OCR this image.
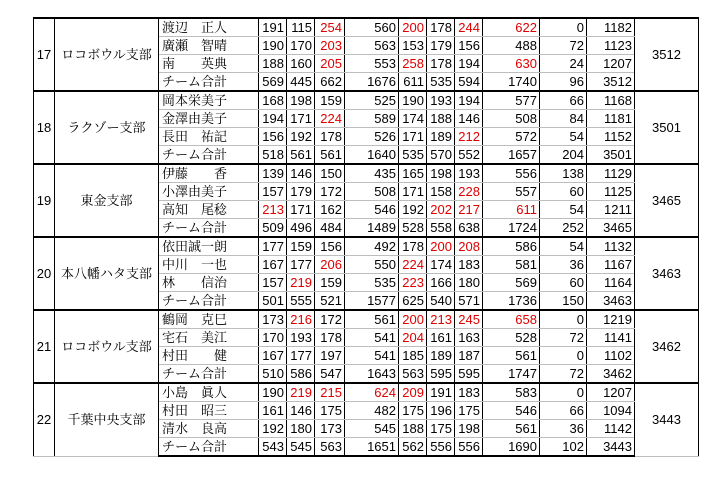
17	ロコボウル支部	渡辺　正人	191	115	254	560	200	178	244	622	0	1182	3512
		廣瀬　智晴	190	170	203	563	153	179	156	488	72	1123	
		南　　英典	188	160	205	553	258	178	194	630	24	1207	
		チーム合計	569	445	662	1676	611	535	594	1740	96	3512	
18	ラクゾー支部	岡本栄美子	168	198	159	525	190	193	194	577	66	1168	3501
		金澤由美子	194	171	224	589	174	188	146	508	84	1181	
		長田　祐記	156	192	178	526	171	189	212	572	54	1152	
		チーム合計	518	561	561	1640	535	570	552	1657	204	3501	
19	東金支部	伊藤　　香	139	146	150	435	165	198	193	556	138	1129	3465
		小澤由美子	157	179	172	508	171	158	228	557	60	1125	
		高知　尾稔	213	171	162	546	192	202	217	611	54	1211	
		チーム合計	509	496	484	1489	528	558	638	1724	252	3465	
20	本八幡ハタ支部	依田誠一朗	177	159	156	492	178	200	208	586	54	1132	3463
		中川　一也	167	177	206	550	224	174	183	581	36	1167	
		林　　信治	157	219	159	535	223	166	180	569	60	1164	
		チーム合計	501	555	521	1577	625	540	571	1736	150	3463	
21	ロコボウル支部	鶴岡　克巳	173	216	172	561	200	213	245	658	0	1219	3462
		宅石　美江	170	193	178	541	204	161	163	528	72	1141	
		村田　　健	167	177	197	541	185	189	187	561	0	1102	
		チーム合計	510	586	547	1643	563	595	595	1747	72	3462	
22	千葉中央支部	小島　眞人	190	219	215	624	209	191	183	583	0	1207	3443
		村田　昭三	161	146	175	482	175	196	175	546	66	1094	
		清水　良高	192	180	173	545	188	175	198	561	36	1142	
		チーム合計	543	545	563	1651	562	556	556	1690	102	3443	
